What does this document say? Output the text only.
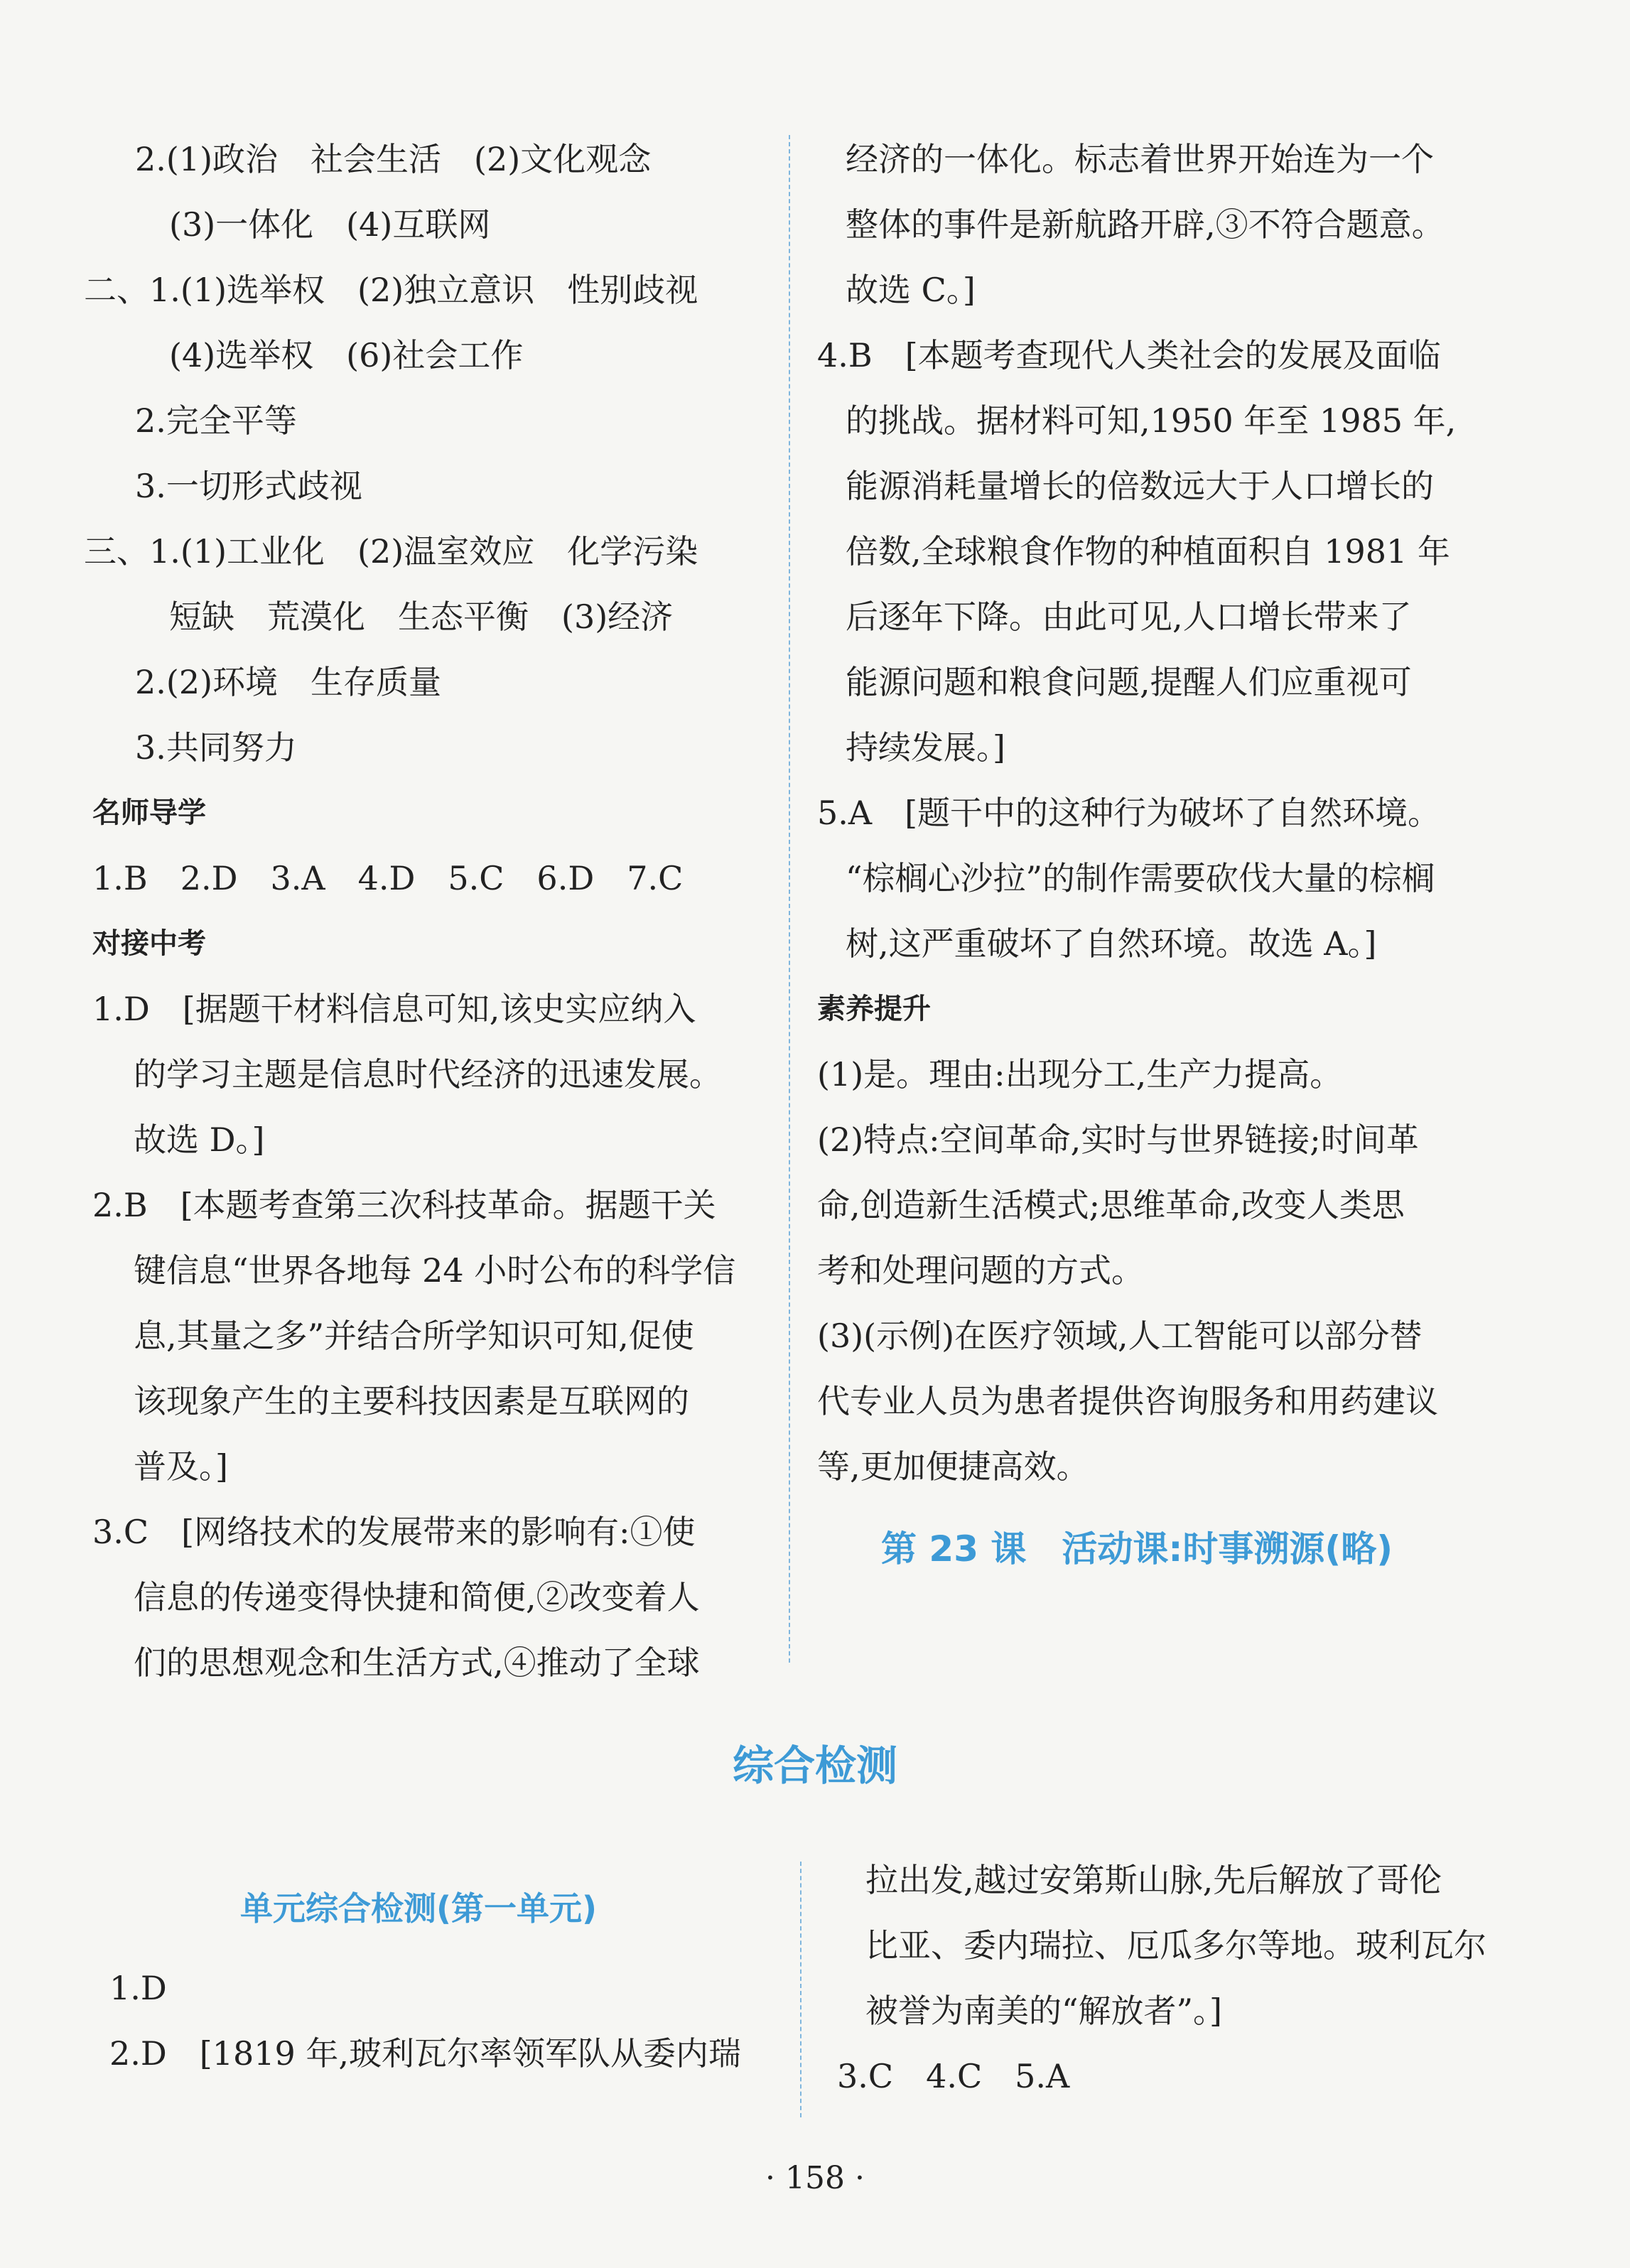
2.(1)政治　社会生活　(2)文化观念
(3)一体化　(4)互联网
二、1.(1)选举权　(2)独立意识　性别歧视
(4)选举权　(6)社会工作
2.完全平等
3.一切形式歧视
三、1.(1)工业化　(2)温室效应　化学污染
短缺　荒漠化　生态平衡　(3)经济
2.(2)环境　生存质量
3.共同努力
名师导学
1.B　2.D　3.A　4.D　5.C　6.D　7.C
对接中考
1.D　[据题干材料信息可知,该史实应纳入
的学习主题是信息时代经济的迅速发展。
故选 D。]
2.B　[本题考查第三次科技革命。据题干关
键信息“世界各地每 24 小时公布的科学信
息,其量之多”并结合所学知识可知,促使
该现象产生的主要科技因素是互联网的
普及。]
3.C　[网络技术的发展带来的影响有:①使
信息的传递变得快捷和简便,②改变着人
们的思想观念和生活方式,④推动了全球
经济的一体化。标志着世界开始连为一个
整体的事件是新航路开辟,③不符合题意。
故选 C。]
4.B　[本题考查现代人类社会的发展及面临
的挑战。据材料可知,1950 年至 1985 年,
能源消耗量增长的倍数远大于人口增长的
倍数,全球粮食作物的种植面积自 1981 年
后逐年下降。由此可见,人口增长带来了
能源问题和粮食问题,提醒人们应重视可
持续发展。]
5.A　[题干中的这种行为破坏了自然环境。
“棕榈心沙拉”的制作需要砍伐大量的棕榈
树,这严重破坏了自然环境。故选 A。]
素养提升
(1)是。理由:出现分工,生产力提高。
(2)特点:空间革命,实时与世界链接;时间革
命,创造新生活模式;思维革命,改变人类思
考和处理问题的方式。
(3)(示例)在医疗领域,人工智能可以部分替
代专业人员为患者提供咨询服务和用药建议
等,更加便捷高效。
第 23 课　活动课:时事溯源(略)
综合检测
单元综合检测(第一单元)
1.D
2.D　[1819 年,玻利瓦尔率领军队从委内瑞
拉出发,越过安第斯山脉,先后解放了哥伦
比亚、委内瑞拉、厄瓜多尔等地。玻利瓦尔
被誉为南美的“解放者”。]
3.C　4.C　5.A
· 158 ·
